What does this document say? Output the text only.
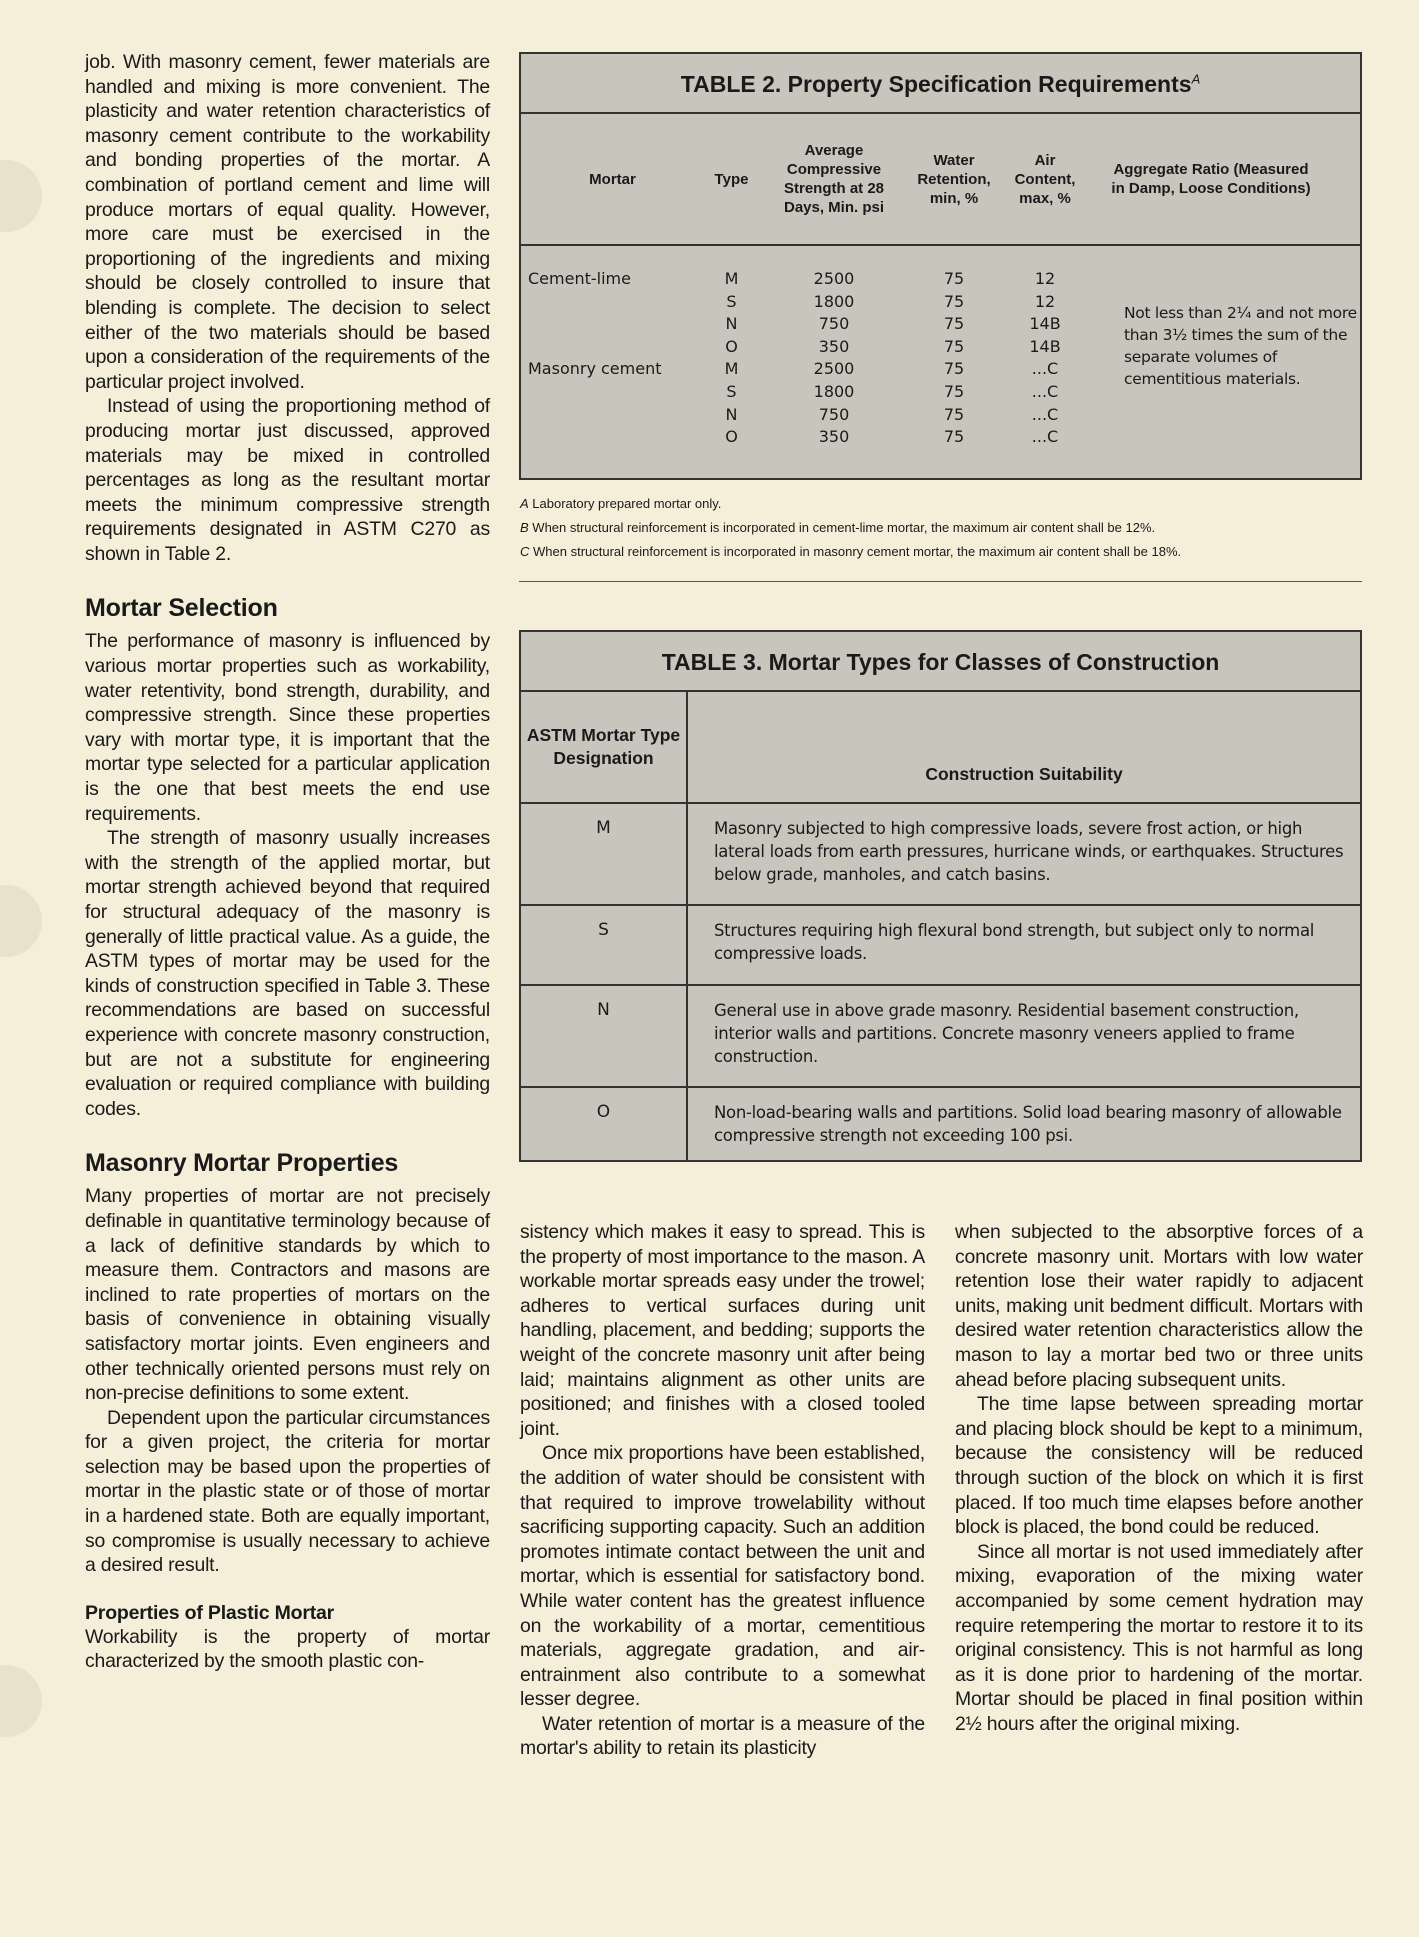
job. With masonry cement, fewer materials are handled and mixing is more convenient. The plasticity and water retention characteristics of masonry cement contribute to the workability and bonding properties of the mortar. A combination of portland cement and lime will produce mortars of equal quality. However, more care must be exercised in the proportioning of the ingredients and mixing should be closely controlled to insure that blending is complete. The decision to select either of the two materials should be based upon a consideration of the requirements of the particular project involved.

Instead of using the proportioning method of producing mortar just discussed, approved materials may be mixed in controlled percentages as long as the resultant mortar meets the minimum compressive strength requirements designated in ASTM C270 as shown in Table 2.

Mortar Selection

The performance of masonry is influenced by various mortar properties such as workability, water retentivity, bond strength, durability, and compressive strength. Since these properties vary with mortar type, it is important that the mortar type selected for a particular application is the one that best meets the end use requirements.

The strength of masonry usually increases with the strength of the applied mortar, but mortar strength achieved beyond that required for structural adequacy of the masonry is generally of little practical value. As a guide, the ASTM types of mortar may be used for the kinds of construction specified in Table 3. These recommendations are based on successful experience with concrete masonry construction, but are not a substitute for engineering evaluation or required compliance with building codes.

Masonry Mortar Properties

Many properties of mortar are not precisely definable in quantitative terminology because of a lack of definitive standards by which to measure them. Contractors and masons are inclined to rate properties of mortars on the basis of convenience in obtaining visually satisfactory mortar joints. Even engineers and other technically oriented persons must rely on non-precise definitions to some extent.

Dependent upon the particular circumstances for a given project, the criteria for mortar selection may be based upon the properties of mortar in the plastic state or of those of mortar in a hardened state. Both are equally important, so compromise is usually necessary to achieve a desired result.

Properties of Plastic Mortar

Workability is the property of mortar characterized by the smooth plastic con-

TABLE 2. Property Specification Requirements$^A$
Mortar	Type
Average Compressive Strength at 28 Days, Min. psi
Water Retention, min, %
Air Content, max, %
Aggregate Ratio (Measured in Damp, Loose Conditions)
Not less than 2¼ and not more than 3½ times the sum of the separate volumes of cementitious materials.
Cement-lime	M	2500	75	12
S	1800	75	12
N	750	75	14B
O	350	75	14B
Masonry cement	M	2500	75	...C
S	1800	75	...C
N	750	75	...C
O	350	75	...C
A Laboratory prepared mortar only.
B When structural reinforcement is incorporated in cement-lime mortar, the maximum air content shall be 12%.
C When structural reinforcement is incorporated in masonry cement mortar, the maximum air content shall be 18%.
TABLE 3. Mortar Types for Classes of Construction
ASTM Mortar Type Designation
Construction Suitability
M	Masonry subjected to high compressive loads, severe frost action, or high lateral loads from earth pressures, hurricane winds, or earthquakes. Structures below grade, manholes, and catch basins.
S	Structures requiring high flexural bond strength, but subject only to normal compressive loads.
N	General use in above grade masonry. Residential basement construction, interior walls and partitions. Concrete masonry veneers applied to frame construction.
O	Non-load-bearing walls and partitions. Solid load bearing masonry of allowable compressive strength not exceeding 100 psi.

sistency which makes it easy to spread. This is the property of most importance to the mason. A workable mortar spreads easy under the trowel; adheres to vertical surfaces during unit handling, placement, and bedding; supports the weight of the concrete masonry unit after being laid; maintains alignment as other units are positioned; and finishes with a closed tooled joint.

Once mix proportions have been established, the addition of water should be consistent with that required to improve trowelability without sacrificing supporting capacity. Such an addition promotes intimate contact between the unit and mortar, which is essential for satisfactory bond. While water content has the greatest influence on the workability of a mortar, cementitious materials, aggregate gradation, and air-entrainment also contribute to a somewhat lesser degree.

Water retention of mortar is a measure of the mortar's ability to retain its plasticity

when subjected to the absorptive forces of a concrete masonry unit. Mortars with low water retention lose their water rapidly to adjacent units, making unit bedment difficult. Mortars with desired water retention characteristics allow the mason to lay a mortar bed two or three units ahead before placing subsequent units.

The time lapse between spreading mortar and placing block should be kept to a minimum, because the consistency will be reduced through suction of the block on which it is first placed. If too much time elapses before another block is placed, the bond could be reduced.

Since all mortar is not used immediately after mixing, evaporation of the mixing water accompanied by some cement hydration may require retempering the mortar to restore it to its original consistency. This is not harmful as long as it is done prior to hardening of the mortar. Mortar should be placed in final position within 2½ hours after the original mixing.
